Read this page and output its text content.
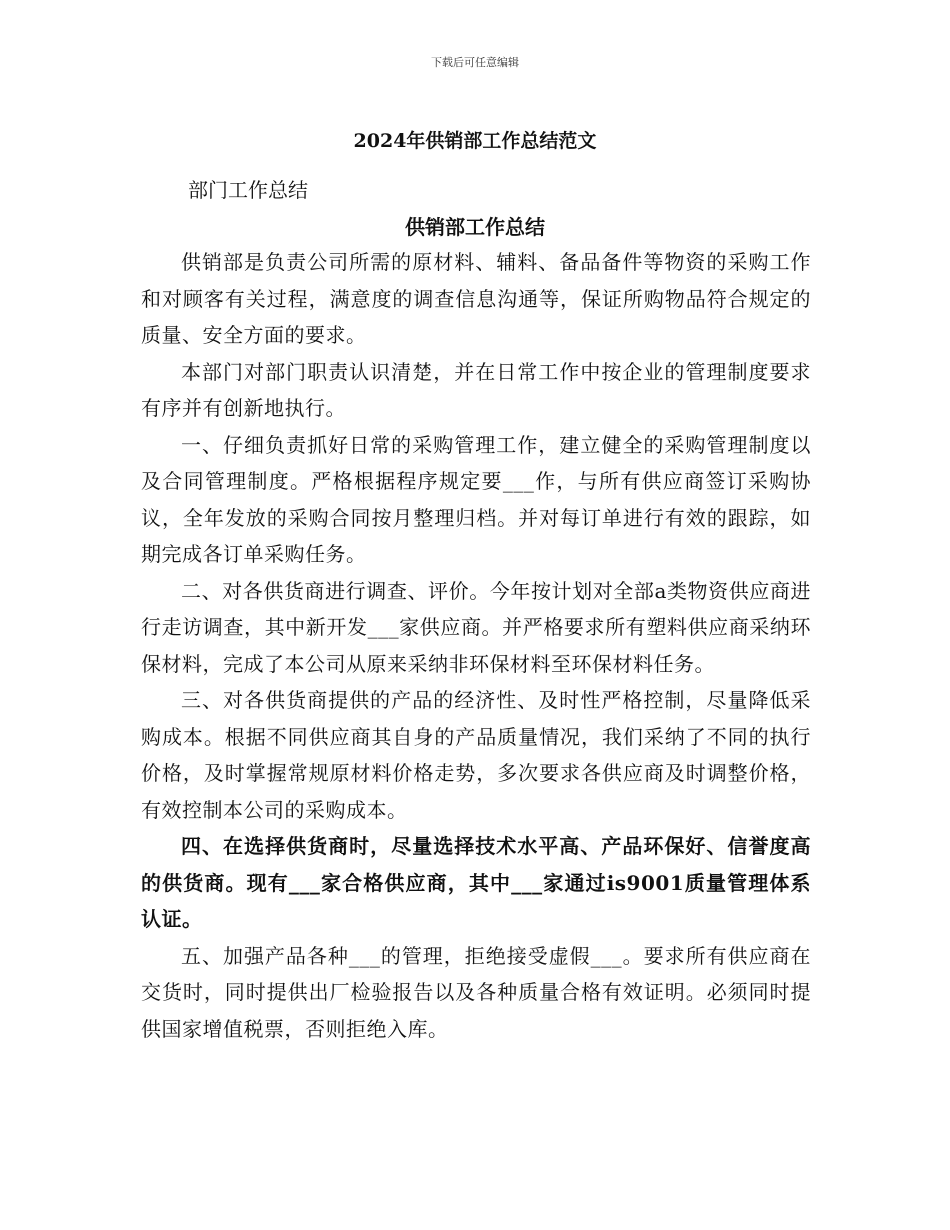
下载后可任意编辑
2024年供销部工作总结范文

部门工作总结

供销部工作总结

供销部是负责公司所需的原材料、辅料、备品备件等物资的采购工作和对顾客有关过程，满意度的调查信息沟通等，保证所购物品符合规定的质量、安全方面的要求。

本部门对部门职责认识清楚，并在日常工作中按企业的管理制度要求有序并有创新地执行。

一、仔细负责抓好日常的采购管理工作，建立健全的采购管理制度以及合同管理制度。严格根据程序规定要___作，与所有供应商签订采购协议，全年发放的采购合同按月整理归档。并对每订单进行有效的跟踪，如期完成各订单采购任务。

二、对各供货商进行调查、评价。今年按计划对全部a类物资供应商进行走访调查，其中新开发___家供应商。并严格要求所有塑料供应商采纳环保材料，完成了本公司从原来采纳非环保材料至环保材料任务。

三、对各供货商提供的产品的经济性、及时性严格控制，尽量降低采购成本。根据不同供应商其自身的产品质量情况，我们采纳了不同的执行价格，及时掌握常规原材料价格走势，多次要求各供应商及时调整价格，有效控制本公司的采购成本。

四、在选择供货商时，尽量选择技术水平高、产品环保好、信誉度高的供货商。现有___家合格供应商，其中___家通过is9001质量管理体系认证。

五、加强产品各种___的管理，拒绝接受虚假___。要求所有供应商在交货时，同时提供出厂检验报告以及各种质量合格有效证明。必须同时提供国家增值税票，否则拒绝入库。
